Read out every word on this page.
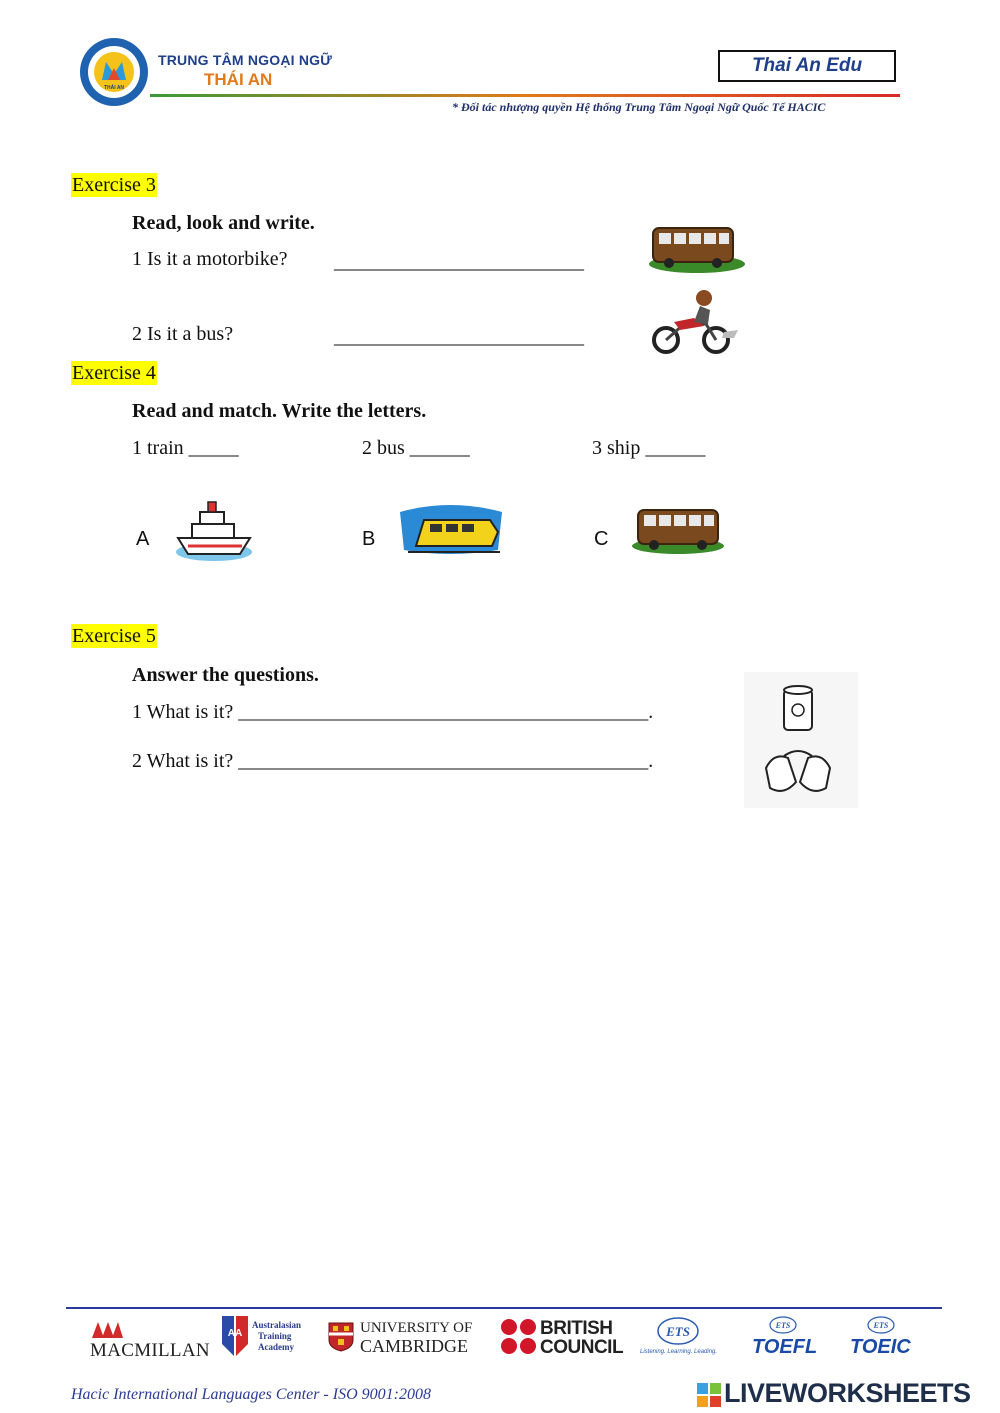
THÁI AN
TRUNG TÂM NGOẠI NGỮ
THÁI AN
Thai An Edu
* Đối tác nhượng quyền Hệ thống Trung Tâm Ngoại Ngữ Quốc Tế HACIC
Exercise 3
Read, look and write.
1 Is it a motorbike? _________________________
2 Is it a bus?	_________________________
Exercise 4
Read and match. Write the letters.
1 train _____	2 bus ______	3 ship ______
A	B	C
Exercise 5
Answer the questions.
1 What is it? _________________________________________.
2 What is it? _________________________________________.
MACMILLAN
AA
Australasian
Training
Academy
UNIVERSITY OF
CAMBRIDGE
BRITISH
COUNCIL
ETS
Listening. Learning. Leading.
ETS
TOEFL
ETS
TOEIC
Hacic International Languages Center - ISO 9001:2008	LIVEWORKSHEETS
